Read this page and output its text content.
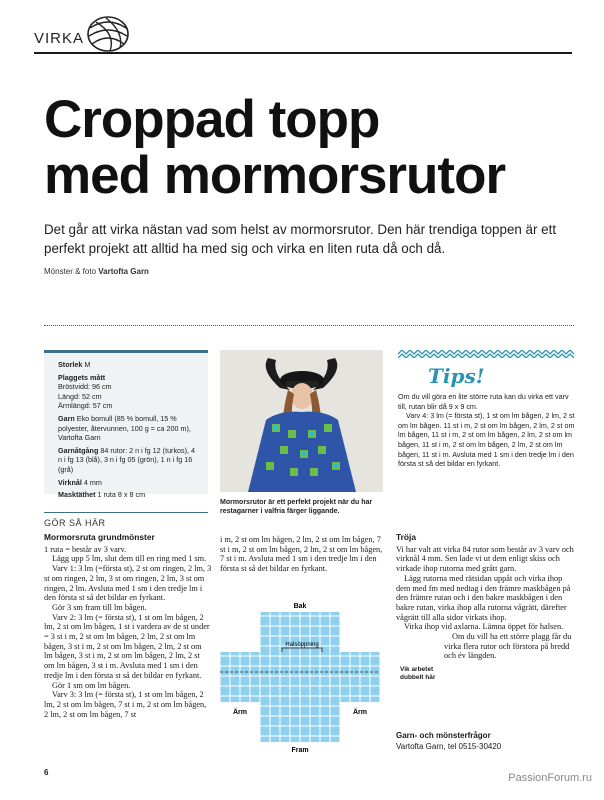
VIRKA
Croppad topp
med mormorsrutor

Det går att virka nästan vad som helst av mormorsrutor. Den här trendiga toppen är ett perfekt projekt att alltid ha med sig och virka en liten ruta då och då.

Mönster & foto Vartofta Garn
Storlek M
Plaggets mått
Bröstvidd: 96 cm
Längd: 52 cm
Ärmlängd: 57 cm
Garn Eko bomull (85 % bomull, 15 % polyester, återvunnen, 100 g = ca 200 m), Vartofta Garn
Garnåtgång 84 rutor: 2 n i fg 12 (turkos), 4 n i fg 13 (blå), 3 n i fg 05 (grön), 1 n i fg 16 (grå)
Virknål 4 mm
Masktäthet 1 ruta 8 x 8 cm
Mormorsrutor är ett perfekt projekt när du har restagarner i valfria färger liggande.
Tips!

Om du vill göra en lite större ruta kan du virka ett varv till, rutan blir då 9 x 9 cm.

Varv 4: 3 lm (= första st), 1 st om lm bågen, 2 lm, 2 st om lm bågen. 11 st i m, 2 st om lm bågen, 2 lm, 2 st om lm bågen, 11 st i m, 2 st om lm bågen, 2 lm, 2 st om lm bågen, 11 st i m, 2 st om lm bågen, 2 lm, 2 st om lm bågen, 11 st i m. Avsluta med 1 sm i den tredje lm i den första st så det bildar en fyrkant.

GÖR SÅ HÄR
Mormorsruta grundmönster

1 ruta = består av 3 varv.

Lägg upp 5 lm, slut dem till en ring med 1 sm.

Varv 1: 3 lm (=första st), 2 st om ringen, 2 lm, 3 st om ringen, 2 lm, 3 st om ringen, 2 lm, 3 st om ringen, 2 lm. Avsluta med 1 sm i den tredje lm i den första st så det bildar en fyrkant.

Gör 3 sm fram till lm bågen.

Varv 2: 3 lm (= första st), 1 st om lm bågen, 2 lm, 2 st om lm bågen, 1 st i vardera av de st under = 3 st i m, 2 st om lm bågen, 2 lm, 2 st om lm bågen, 3 st i m, 2 st om lm bågen, 2 lm, 2 st om lm bågen, 3 st i m, 2 st om lm bågen, 2 lm, 2 st om lm bågen, 3 st i m. Avsluta med 1 sm i den tredje lm i den första st så det bildar en fyrkant.

Gör 1 sm om lm bågen.

Varv 3: 3 lm (= första st), 1 st om lm bågen, 2 lm, 2 st om lm bågen, 7 st i m, 2 st om lm bågen, 2 lm, 2 st om lm bågen, 7 st

i m, 2 st om lm bågen, 2 lm, 2 st om lm bågen, 7 st i m, 2 st om lm bågen, 2 lm, 2 st om lm bågen, 7 st i m. Avsluta med 1 sm i den tredje lm i den första st så det bildar en fyrkant.

Bak
Halsöppning
Ärm	Ärm
Fram
Vik arbetet dubbelt här
Tröja

Vi har valt att virka 84 rutor som består av 3 varv och virknål 4 mm. Sen lade vi ut dem enligt skiss och virkade ihop rutorna med grått garn.

Lägg rutorna med rätsidan uppåt och virka ihop dem med fm med nedtag i den främre maskbågen på den främre rutan och i den bakre maskbågen i den bakre rutan, virka ihop alla rutorna vågrätt, därefter vågrätt till alla sidor virkats ihop.

Virka ihop vid axlarna. Lämna öppet för halsen.

Om du vill ha ett större plagg får du virka flera rutor och förstora på bredd och év längden.

Garn- och mönsterfrågor
Vartofta Garn, tel 0515-30420
6	PassionForum.ru
